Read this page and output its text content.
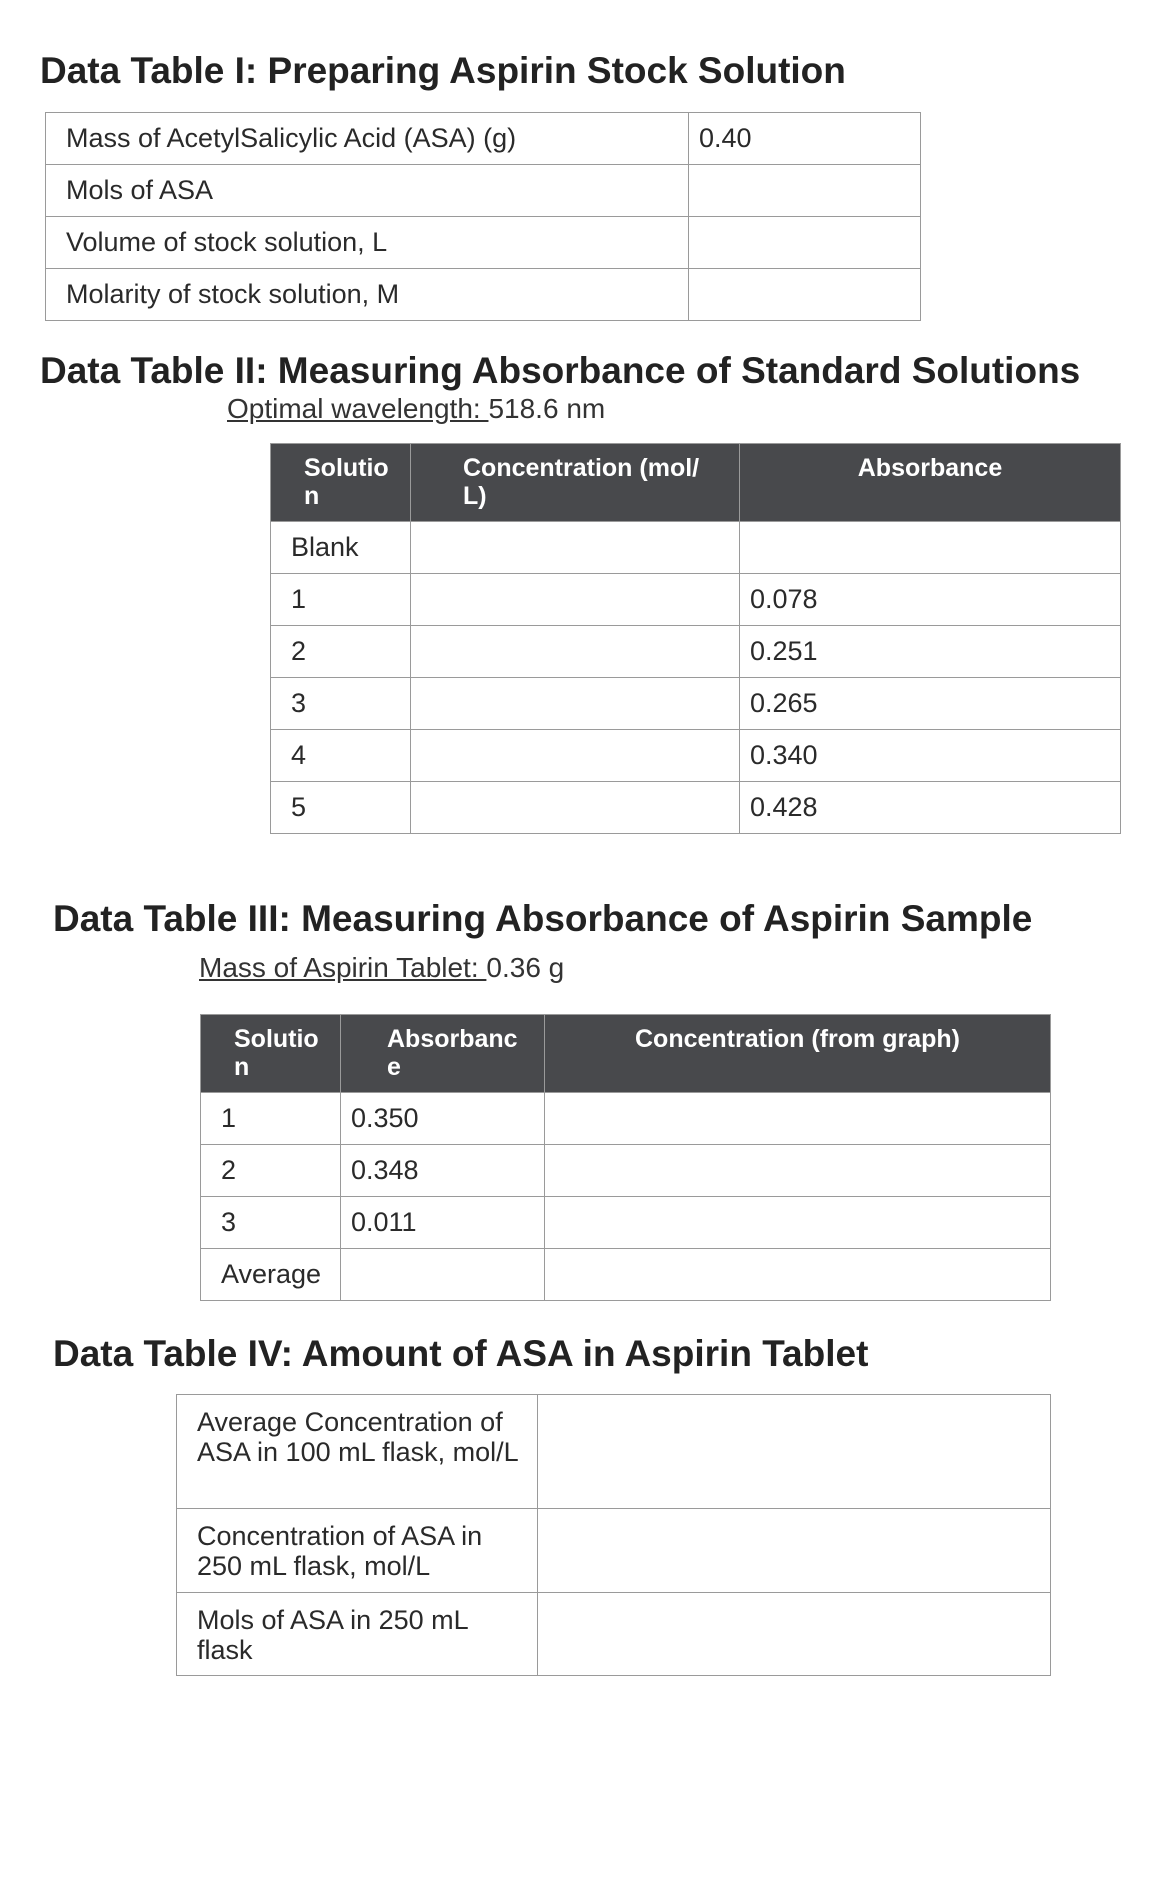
Data Table I: Preparing Aspirin Stock Solution
Mass of AcetylSalicylic Acid (ASA) (g)	0.40
Mols of ASA	
Volume of stock solution, L	
Molarity of stock solution, M	
Data Table II: Measuring Absorbance of Standard Solutions
Optimal wavelength: 518.6 nm
Solution	Concentration (mol/L)	Absorbance
Blank		
1		0.078
2		0.251
3		0.265
4		0.340
5		0.428
Data Table III: Measuring Absorbance of Aspirin Sample
Mass of Aspirin Tablet: 0.36 g
Solution	Absorbance	Concentration (from graph)
1	0.350	
2	0.348	
3	0.011	
Average		
Data Table IV: Amount of ASA in Aspirin Tablet
Average Concentration of ASA in 100 mL flask, mol/L	
Concentration of ASA in 250 mL flask, mol/L	
Mols of ASA in 250 mL flask	
